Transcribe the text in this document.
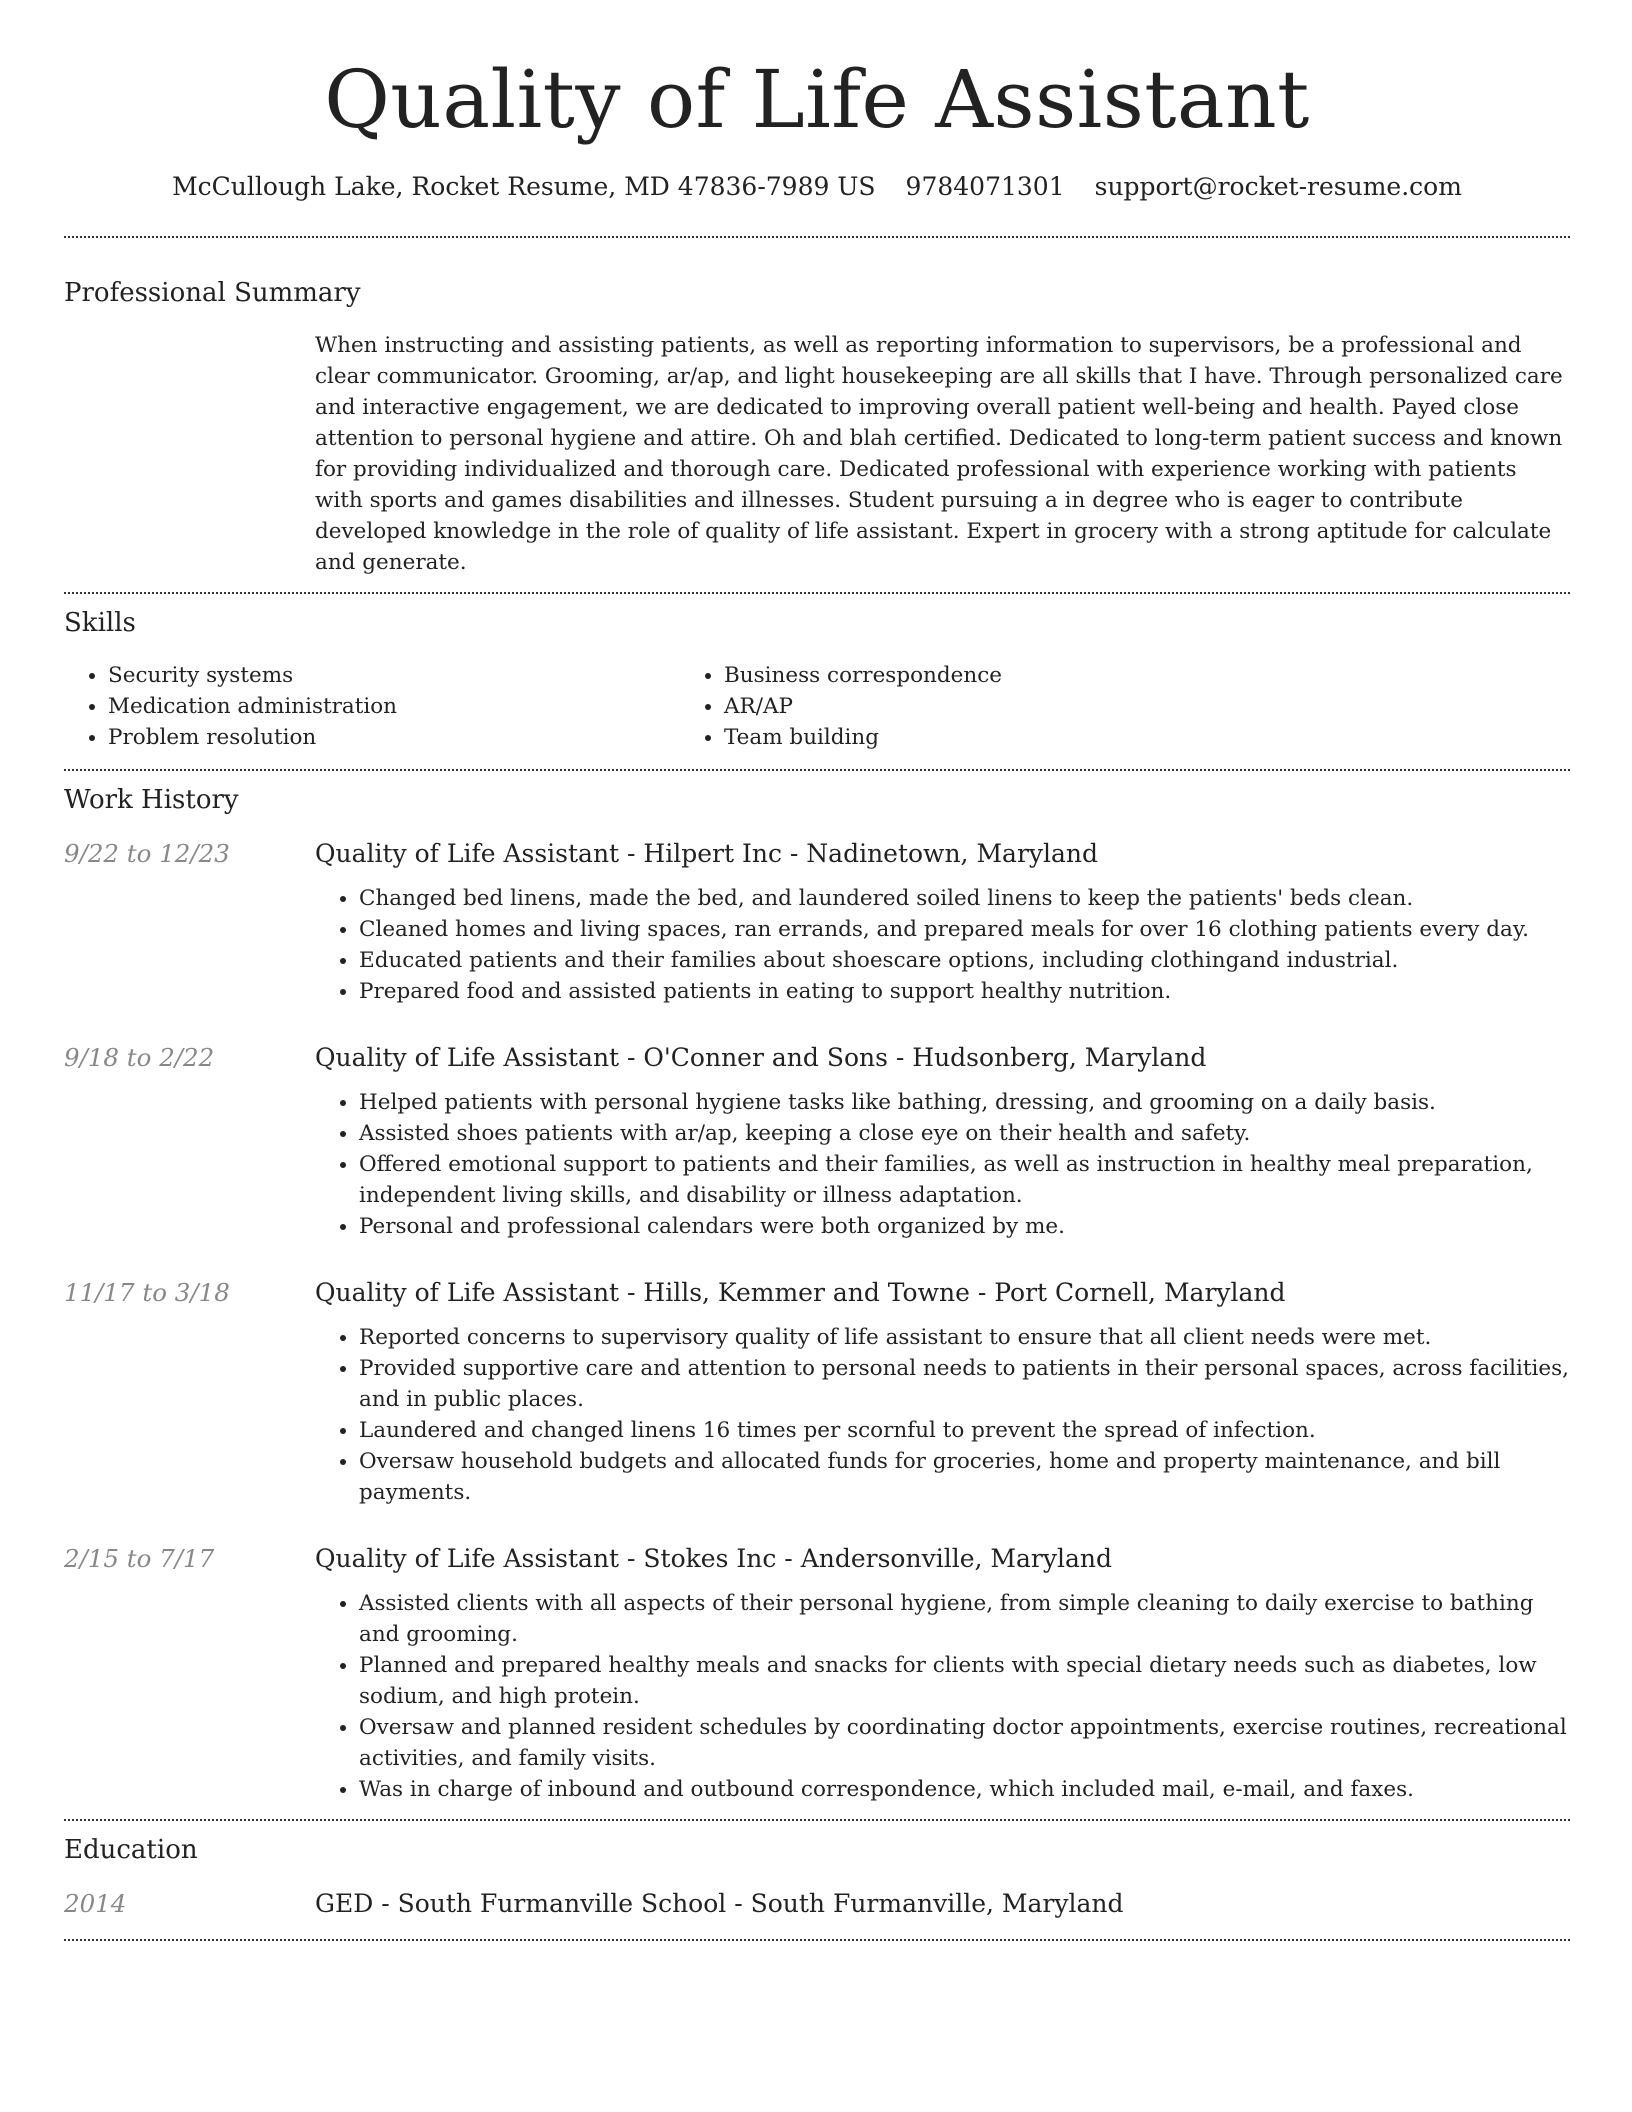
Quality of Life Assistant
McCullough Lake, Rocket Resume, MD 47836-7989 US 9784071301 support@rocket-resume.com
Professional Summary

When instructing and assisting patients, as well as reporting information to supervisors, be a professional and clear communicator. Grooming, ar/ap, and light housekeeping are all skills that I have. Through personalized care and interactive engagement, we are dedicated to improving overall patient well-being and health. Payed close attention to personal hygiene and attire. Oh and blah certified. Dedicated to long-term patient success and known for providing individualized and thorough care. Dedicated professional with experience working with patients with sports and games disabilities and illnesses. Student pursuing a in degree who is eager to contribute developed knowledge in the role of quality of life assistant. Expert in grocery with a strong aptitude for calculate and generate.

Skills
• Security systems
• Medication administration
• Problem resolution
• Business correspondence
• AR/AP
• Team building
Work History
9/22 to 12/23	Quality of Life Assistant - Hilpert Inc - Nadinetown, Maryland
• Changed bed linens, made the bed, and laundered soiled linens to keep the patients' beds clean.
• Cleaned homes and living spaces, ran errands, and prepared meals for over 16 clothing patients every day.
• Educated patients and their families about shoescare options, including clothingand industrial.
• Prepared food and assisted patients in eating to support healthy nutrition.
9/18 to 2/22	Quality of Life Assistant - O'Conner and Sons - Hudsonberg, Maryland
• Helped patients with personal hygiene tasks like bathing, dressing, and grooming on a daily basis.
• Assisted shoes patients with ar/ap, keeping a close eye on their health and safety.
• Offered emotional support to patients and their families, as well as instruction in healthy meal preparation, independent living skills, and disability or illness adaptation.
• Personal and professional calendars were both organized by me.
11/17 to 3/18	Quality of Life Assistant - Hills, Kemmer and Towne - Port Cornell, Maryland
• Reported concerns to supervisory quality of life assistant to ensure that all client needs were met.
• Provided supportive care and attention to personal needs to patients in their personal spaces, across facilities, and in public places.
• Laundered and changed linens 16 times per scornful to prevent the spread of infection.
• Oversaw household budgets and allocated funds for groceries, home and property maintenance, and bill payments.
2/15 to 7/17	Quality of Life Assistant - Stokes Inc - Andersonville, Maryland
• Assisted clients with all aspects of their personal hygiene, from simple cleaning to daily exercise to bathing and grooming.
• Planned and prepared healthy meals and snacks for clients with special dietary needs such as diabetes, low sodium, and high protein.
• Oversaw and planned resident schedules by coordinating doctor appointments, exercise routines, recreational activities, and family visits.
• Was in charge of inbound and outbound correspondence, which included mail, e-mail, and faxes.
Education
2014	GED - South Furmanville School - South Furmanville, Maryland
